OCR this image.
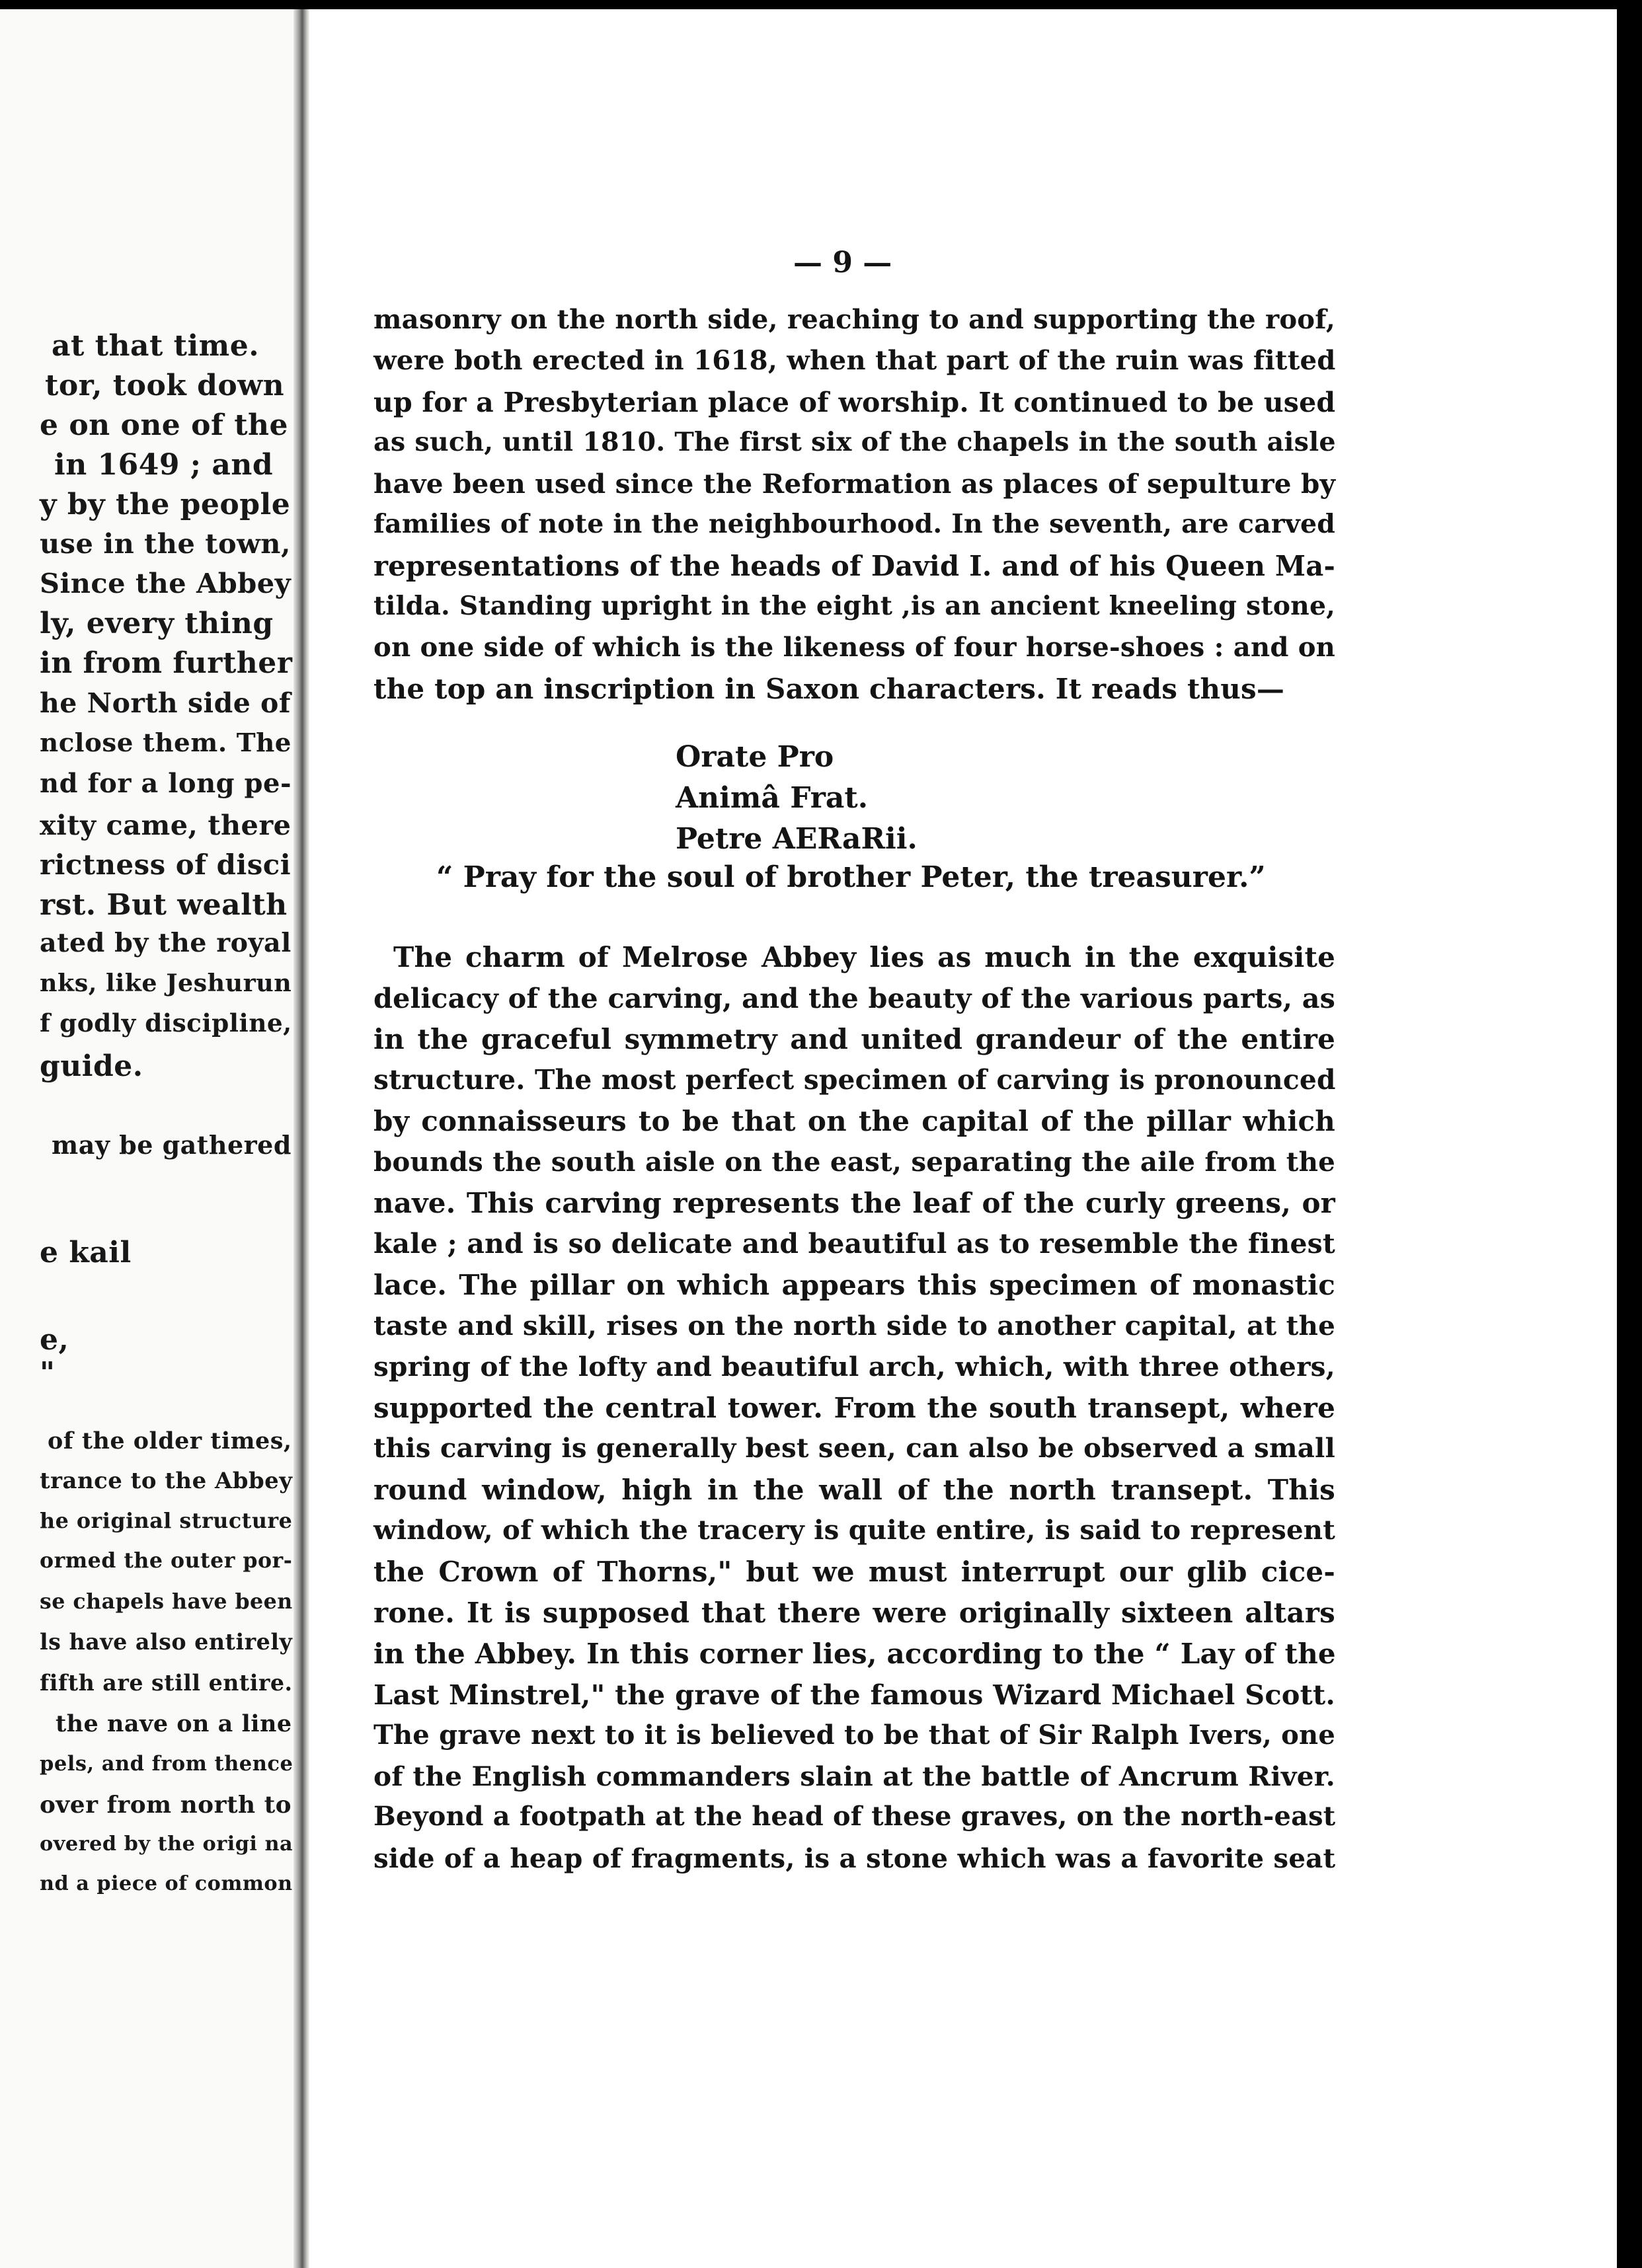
at that time.
tor, took down
e on one of the
in 1649 ; and
y by the people
use in the town,
Since the Abbey
ly, every thing
in from further
he North side of
nclose them. The
nd for a long pe-
xity came, there
rictness of disci
rst. But wealth
ated by the royal
nks, like Jeshurun
f godly discipline,
guide.
may be gathered
e kail
e,
"
of the older times,
trance to the Abbey
he original structure
ormed the outer por-
se chapels have been
ls have also entirely
fifth are still entire.
the nave on a line
pels, and from thence
over from north to
overed by the origi na
nd a piece of common
— 9 —
masonry on the north side, reaching to and supporting the roof,
were both erected in 1618, when that part of the ruin was fitted
up for a Presbyterian place of worship. It continued to be used
as such, until 1810. The first six of the chapels in the south aisle
have been used since the Reformation as places of sepulture by
families of note in the neighbourhood. In the seventh, are carved
representations of the heads of David I. and of his Queen Ma-
tilda. Standing upright in the eight ,is an ancient kneeling stone,
on one side of which is the likeness of four horse-shoes : and on
the top an inscription in Saxon characters. It reads thus—
Orate Pro
Animâ Frat.
Petre AERaRii.
“ Pray for the soul of brother Peter, the treasurer.”
The charm of Melrose Abbey lies as much in the exquisite
delicacy of the carving, and the beauty of the various parts, as
in the graceful symmetry and united grandeur of the entire
structure. The most perfect specimen of carving is pronounced
by connaisseurs to be that on the capital of the pillar which
bounds the south aisle on the east, separating the aile from the
nave. This carving represents the leaf of the curly greens, or
kale ; and is so delicate and beautiful as to resemble the finest
lace. The pillar on which appears this specimen of monastic
taste and skill, rises on the north side to another capital, at the
spring of the lofty and beautiful arch, which, with three others,
supported the central tower. From the south transept, where
this carving is generally best seen, can also be observed a small
round window, high in the wall of the north transept. This
window, of which the tracery is quite entire, is said to represent
the Crown of Thorns," but we must interrupt our glib cice-
rone. It is supposed that there were originally sixteen altars
in the Abbey. In this corner lies, according to the “ Lay of the
Last Minstrel," the grave of the famous Wizard Michael Scott.
The grave next to it is believed to be that of Sir Ralph Ivers, one
of the English commanders slain at the battle of Ancrum River.
Beyond a footpath at the head of these graves, on the north-east
side of a heap of fragments, is a stone which was a favorite seat
